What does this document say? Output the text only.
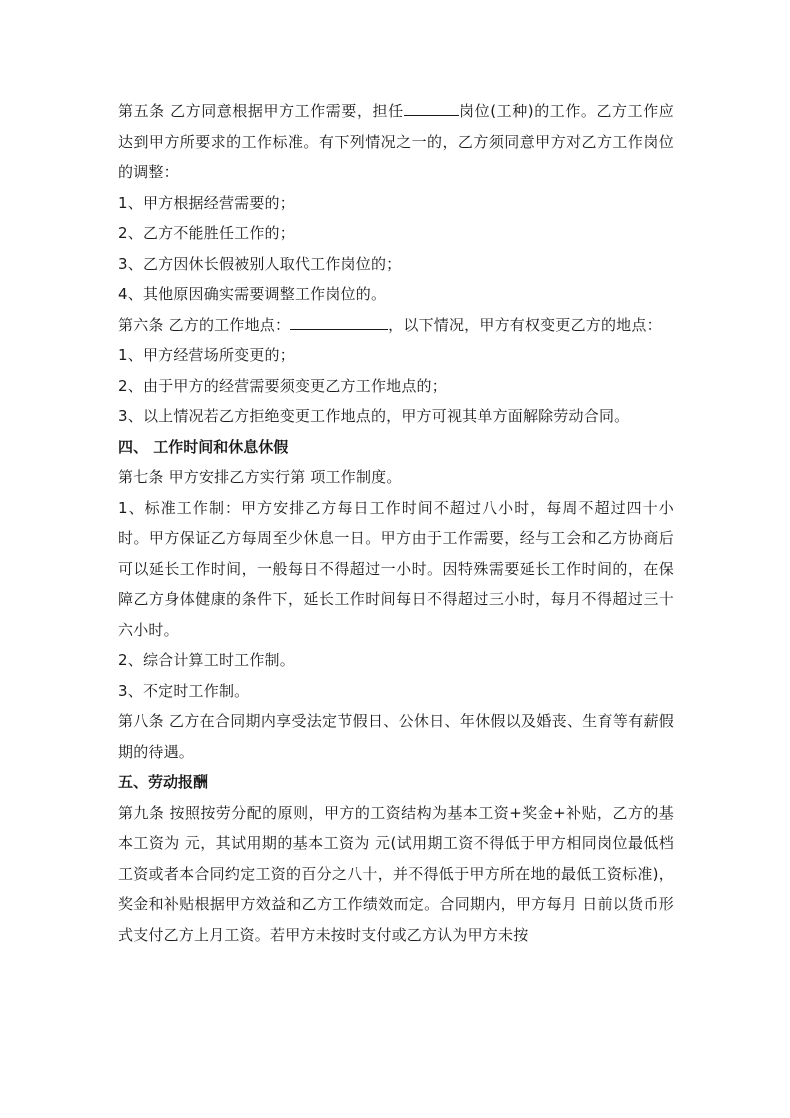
第五条 乙方同意根据甲方工作需要，担任	岗位(工种)的工作。乙方工作应达到甲方所要求的工作标准。有下列情况之一的，乙方须同意甲方对乙方工作岗位的调整：

1、甲方根据经营需要的；

2、乙方不能胜任工作的；

3、乙方因休长假被别人取代工作岗位的；

4、其他原因确实需要调整工作岗位的。

第六条 乙方的工作地点：	，以下情况，甲方有权变更乙方的地点：

1、甲方经营场所变更的；

2、由于甲方的经营需要须变更乙方工作地点的；

3、以上情况若乙方拒绝变更工作地点的，甲方可视其单方面解除劳动合同。

四、 工作时间和休息休假

第七条 甲方安排乙方实行第 项工作制度。

1、标准工作制：甲方安排乙方每日工作时间不超过八小时，每周不超过四十小时。甲方保证乙方每周至少休息一日。甲方由于工作需要，经与工会和乙方协商后可以延长工作时间，一般每日不得超过一小时。因特殊需要延长工作时间的，在保障乙方身体健康的条件下，延长工作时间每日不得超过三小时，每月不得超过三十六小时。

2、综合计算工时工作制。

3、不定时工作制。

第八条 乙方在合同期内享受法定节假日、公休日、年休假以及婚丧、生育等有薪假期的待遇。

五、劳动报酬

第九条 按照按劳分配的原则，甲方的工资结构为基本工资+奖金+补贴，乙方的基本工资为 元，其试用期的基本工资为 元(试用期工资不得低于甲方相同岗位最低档工资或者本合同约定工资的百分之八十，并不得低于甲方所在地的最低工资标准)，奖金和补贴根据甲方效益和乙方工作绩效而定。合同期内，甲方每月 日前以货币形式支付乙方上月工资。若甲方未按时支付或乙方认为甲方未按
